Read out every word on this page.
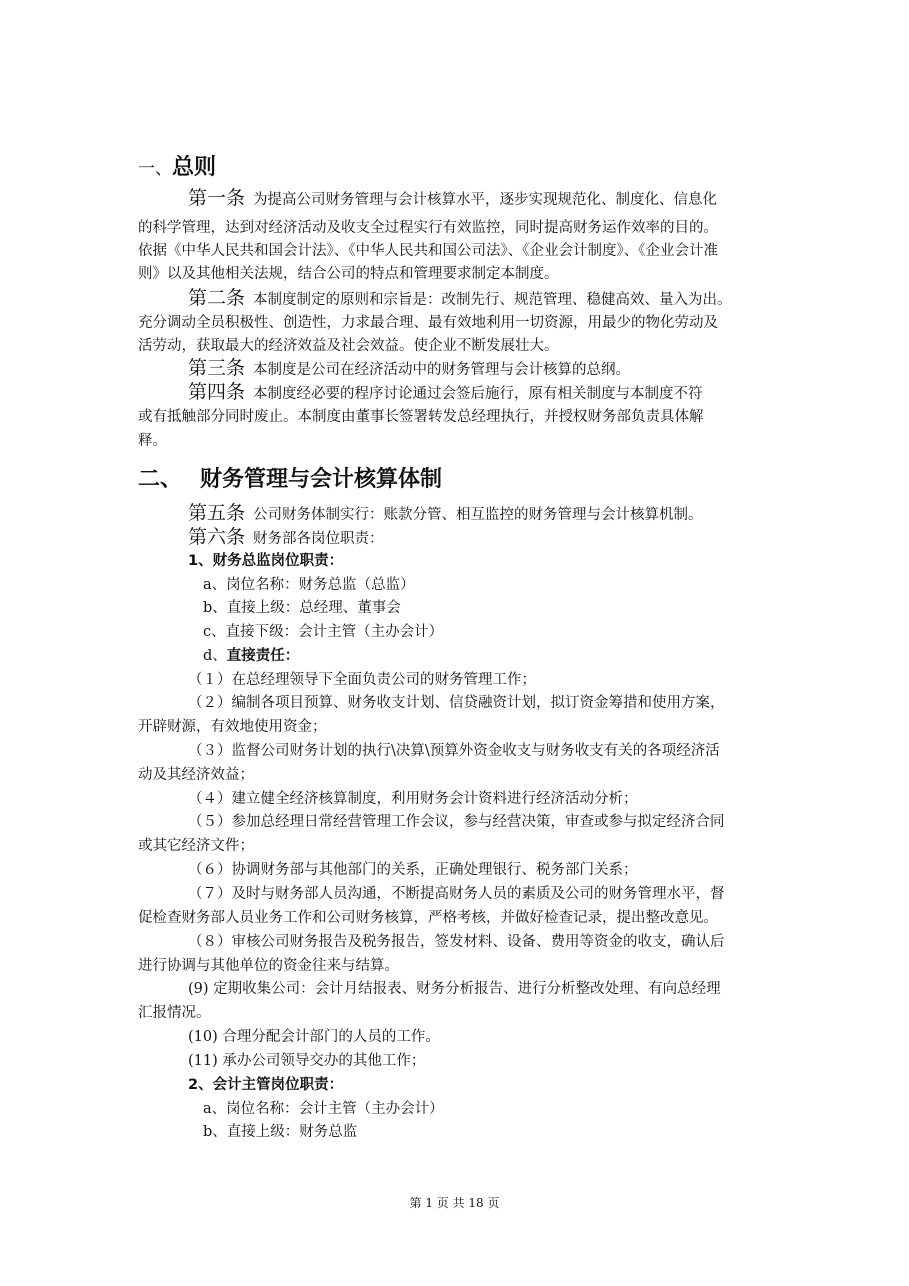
一、总则
第一条 为提高公司财务管理与会计核算水平，逐步实现规范化、制度化、信息化
的科学管理，达到对经济活动及收支全过程实行有效监控，同时提高财务运作效率的目的。
依据《中华人民共和国会计法》、《中华人民共和国公司法》、《企业会计制度》、《企业会计准
则》以及其他相关法规，结合公司的特点和管理要求制定本制度。
第二条 本制度制定的原则和宗旨是：改制先行、规范管理、稳健高效、量入为出。
充分调动全员积极性、创造性，力求最合理、最有效地利用一切资源，用最少的物化劳动及
活劳动，获取最大的经济效益及社会效益。使企业不断发展壮大。
第三条 本制度是公司在经济活动中的财务管理与会计核算的总纲。
第四条 本制度经必要的程序讨论通过会签后施行，原有相关制度与本制度不符
或有抵触部分同时废止。本制度由董事长签署转发总经理执行，并授权财务部负责具体解
释。
二、 财务管理与会计核算体制
第五条 公司财务体制实行：账款分管、相互监控的财务管理与会计核算机制。
第六条 财务部各岗位职责：
1、财务总监岗位职责：
a、岗位名称：财务总监（总监）
b、直接上级：总经理、董事会
c、直接下级：会计主管（主办会计）
d、直接责任：
（１）在总经理领导下全面负责公司的财务管理工作；
（２）编制各项目预算、财务收支计划、信贷融资计划，拟订资金筹措和使用方案，
开辟财源，有效地使用资金；
（３）监督公司财务计划的执行\决算\预算外资金收支与财务收支有关的各项经济活
动及其经济效益；
（４）建立健全经济核算制度，利用财务会计资料进行经济活动分析；
（５）参加总经理日常经营管理工作会议，参与经营决策，审查或参与拟定经济合同
或其它经济文件；
（６）协调财务部与其他部门的关系，正确处理银行、税务部门关系；
（７）及时与财务部人员沟通，不断提高财务人员的素质及公司的财务管理水平，督
促检查财务部人员业务工作和公司财务核算，严格考核，并做好检查记录，提出整改意见。
（８）审核公司财务报告及税务报告，签发材料、设备、费用等资金的收支，确认后
进行协调与其他单位的资金往来与结算。
(9) 定期收集公司：会计月结报表、财务分析报告、进行分析整改处理、有向总经理
汇报情况。
(10) 合理分配会计部门的人员的工作。
(11) 承办公司领导交办的其他工作；
2、会计主管岗位职责：
a、岗位名称：会计主管（主办会计）
b、直接上级：财务总监
第 1 页 共 18 页
